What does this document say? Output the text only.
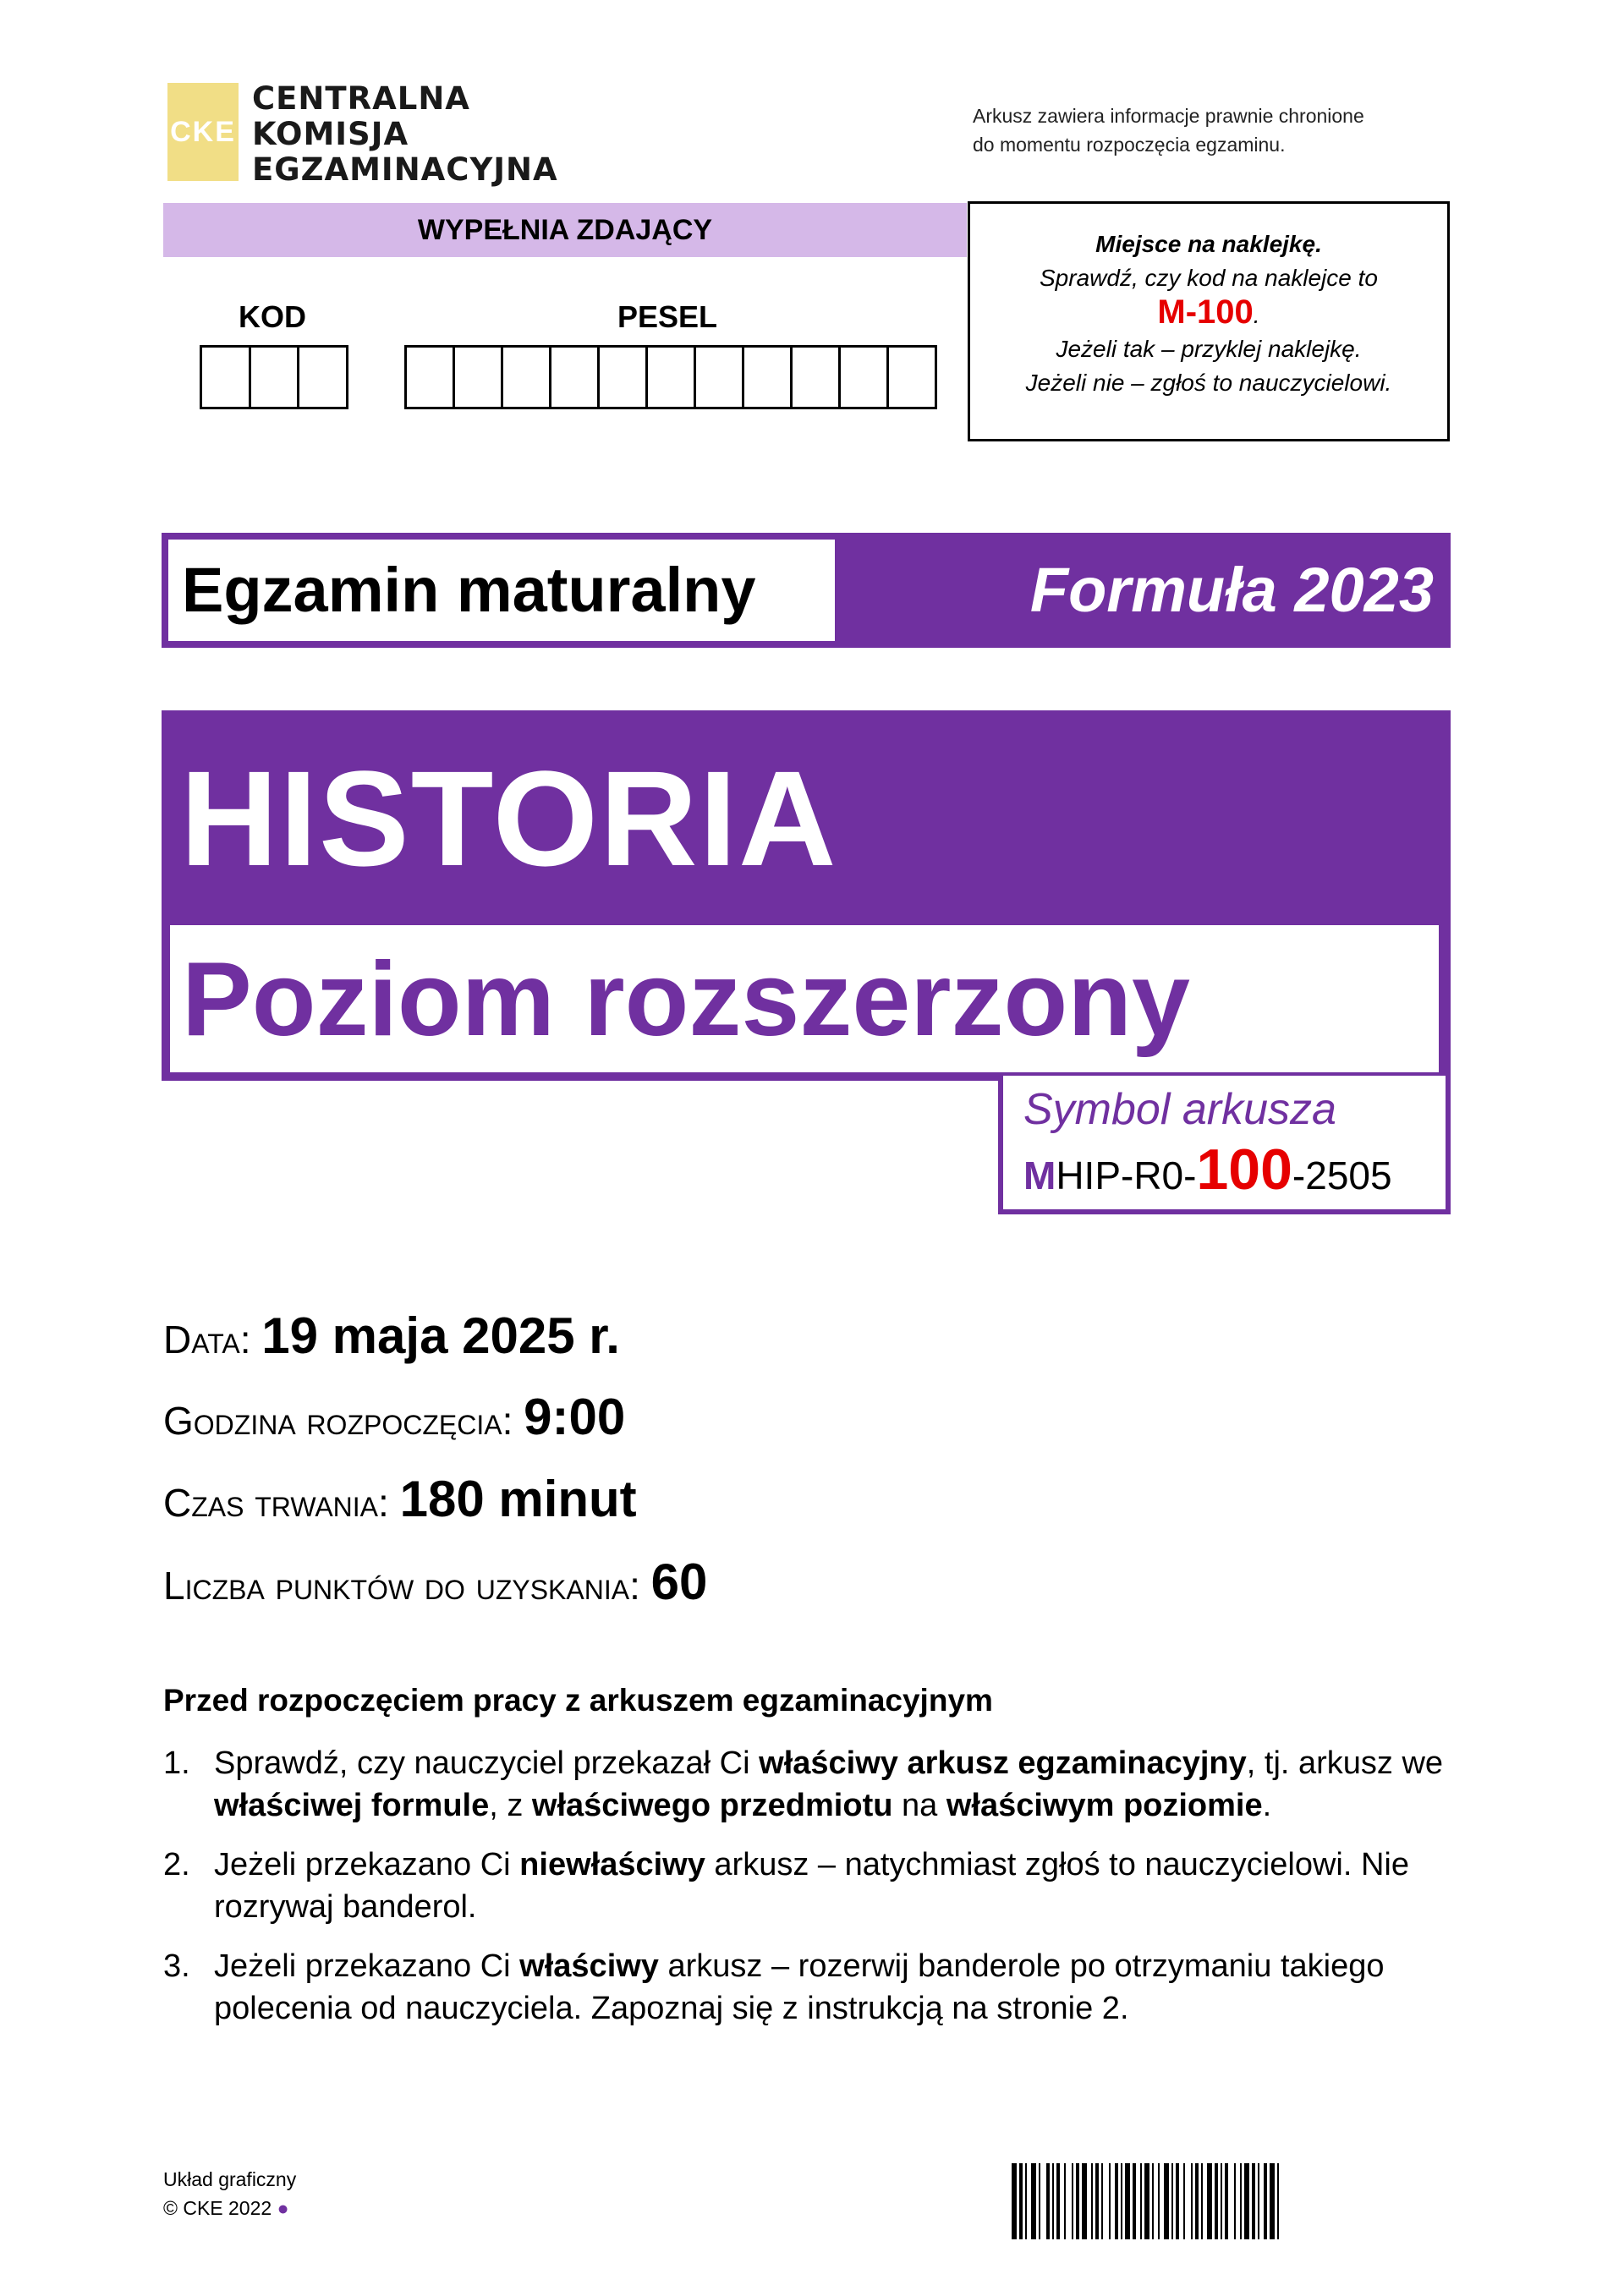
CKE
CENTRALNA
KOMISJA
EGZAMINACYJNA
Arkusz zawiera informacje prawnie chronione
do momentu rozpoczęcia egzaminu.
WYPEŁNIA ZDAJĄCY
KOD	PESEL
Miejsce na naklejkę.
Sprawdź, czy kod na naklejce to
M-100.
Jeżeli tak – przyklej naklejkę.
Jeżeli nie – zgłoś to nauczycielowi.
Egzamin maturalny	Formuła 2023
HISTORIA
Poziom rozszerzony
Symbol arkusza
MHIP-R0-100-2505
Data: 19 maja 2025 r.
Godzina rozpoczęcia: 9:00
Czas trwania: 180 minut
Liczba punktów do uzyskania: 60
Przed rozpoczęciem pracy z arkuszem egzaminacyjnym
1. Sprawdź, czy nauczyciel przekazał Ci właściwy arkusz egzaminacyjny, tj. arkusz we właściwej formule, z właściwego przedmiotu na właściwym poziomie.
2. Jeżeli przekazano Ci niewłaściwy arkusz – natychmiast zgłoś to nauczycielowi. Nie rozrywaj banderol.
3. Jeżeli przekazano Ci właściwy arkusz – rozerwij banderole po otrzymaniu takiego polecenia od nauczyciela. Zapoznaj się z instrukcją na stronie 2.
Układ graficzny
© CKE 2022 ●
